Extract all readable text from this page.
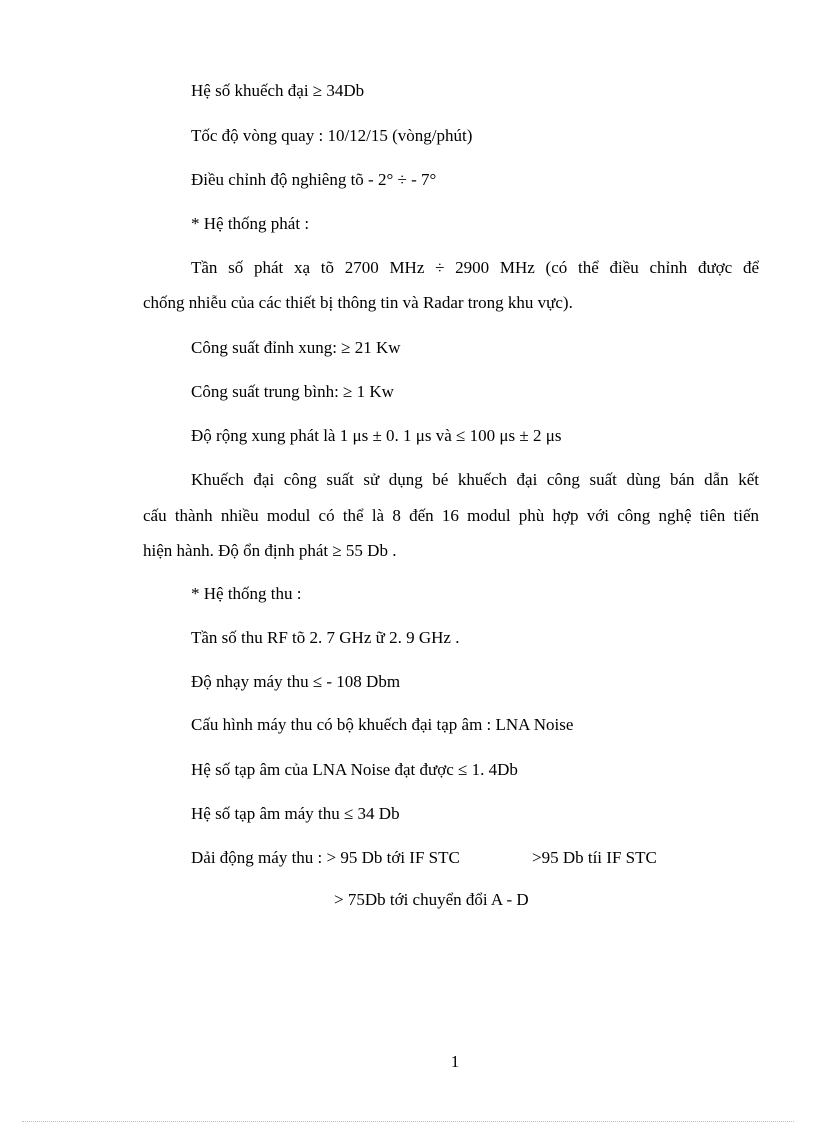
Hệ số khuếch đại ≥ 34Db

Tốc độ vòng quay : 10/12/15 (vòng/phút)

Điều chỉnh độ nghiêng tõ - 2° ÷ - 7°

* Hệ thống phát :

Tần số phát xạ tõ 2700 MHz ÷ 2900 MHz (có thể điều chỉnh được để

chống nhiễu của các thiết bị thông tin và Radar trong khu vực).

Công suất đỉnh xung: ≥ 21 Kw

Công suất trung bình: ≥ 1 Kw

Độ rộng xung phát là 1 μs ± 0. 1 μs và ≤ 100 μs ± 2 μs

Khuếch đại công suất sử dụng bé khuếch đại công suất dùng bán dẫn kết

cấu thành nhiều modul có thể là 8 đến 16 modul phù hợp với công nghệ tiên tiến

hiện hành. Độ ổn định phát ≥ 55 Db .

* Hệ thống thu :

Tần số thu RF tõ 2. 7 GHz ữ 2. 9 GHz .

Độ nhạy máy thu ≤ - 108 Dbm

Cấu hình máy thu có bộ khuếch đại tạp âm : LNA Noise

Hệ số tạp âm của LNA Noise đạt được ≤ 1. 4Db

Hệ số tạp âm máy thu ≤ 34 Db

Dải động máy thu : > 95 Db tới IF STC	>95 Db tíi IF STC

> 75Db tới chuyển đổi A - D

1
